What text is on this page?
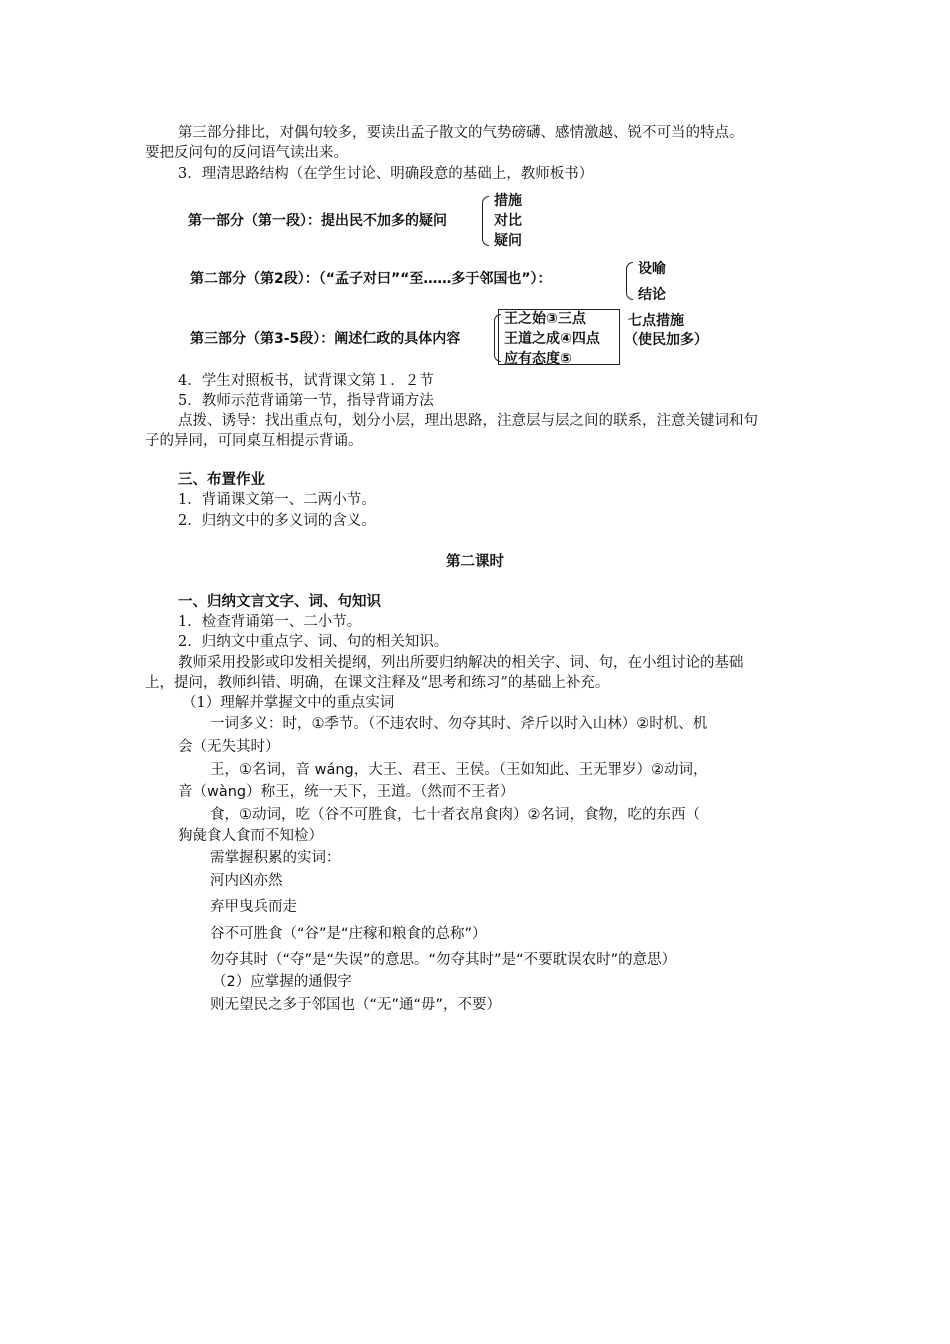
第三部分排比，对偶句较多，要读出孟子散文的气势磅礴、感情激越、锐不可当的特点。
要把反问句的反问语气读出来。
3．理清思路结构（在学生讨论、明确段意的基础上，教师板书）
第一部分（第一段）：提出民不加多的疑问
措施
对比
疑问
第二部分（第2段）：（“孟子对曰”“至……多于邻国也”）：
设喻
结论
第三部分（第3-5段）：阐述仁政的具体内容
王之始③三点
王道之成④四点
应有态度⑤
七点措施
（使民加多）
4．学生对照板书，试背课文第１．２节
5．教师示范背诵第一节，指导背诵方法
点拨、诱导：找出重点句，划分小层，理出思路，注意层与层之间的联系，注意关键词和句
子的异同，可同桌互相提示背诵。
三、布置作业
1．背诵课文第一、二两小节。
2．归纳文中的多义词的含义。
第二课时
一、归纳文言文字、词、句知识
1．检查背诵第一、二小节。
2．归纳文中重点字、词、句的相关知识。
教师采用投影或印发相关提纲，列出所要归纳解决的相关字、词、句，在小组讨论的基础
上，提问，教师纠错、明确，在课文注释及“思考和练习”的基础上补充。
（1）理解并掌握文中的重点实词
一词多义：时，①季节。（不违农时、勿夺其时、斧斤以时入山林）②时机、机
会（无失其时）
王，①名词，音 wáng，大王、君王、王侯。（王如知此、王无罪岁）②动词，
音（wàng）称王，统一天下，王道。（然而不王者）
食，①动词，吃（谷不可胜食，七十者衣帛食肉）②名词，食物，吃的东西（
狗彘食人食而不知检）
需掌握积累的实词：
河内凶亦然
弃甲曳兵而走
谷不可胜食（“谷”是“庄稼和粮食的总称”）
勿夺其时（“夺”是“失误”的意思。“勿夺其时”是“不要耽误农时”的意思）
（2）应掌握的通假字
则无望民之多于邻国也（“无”通“毋”，不要）
